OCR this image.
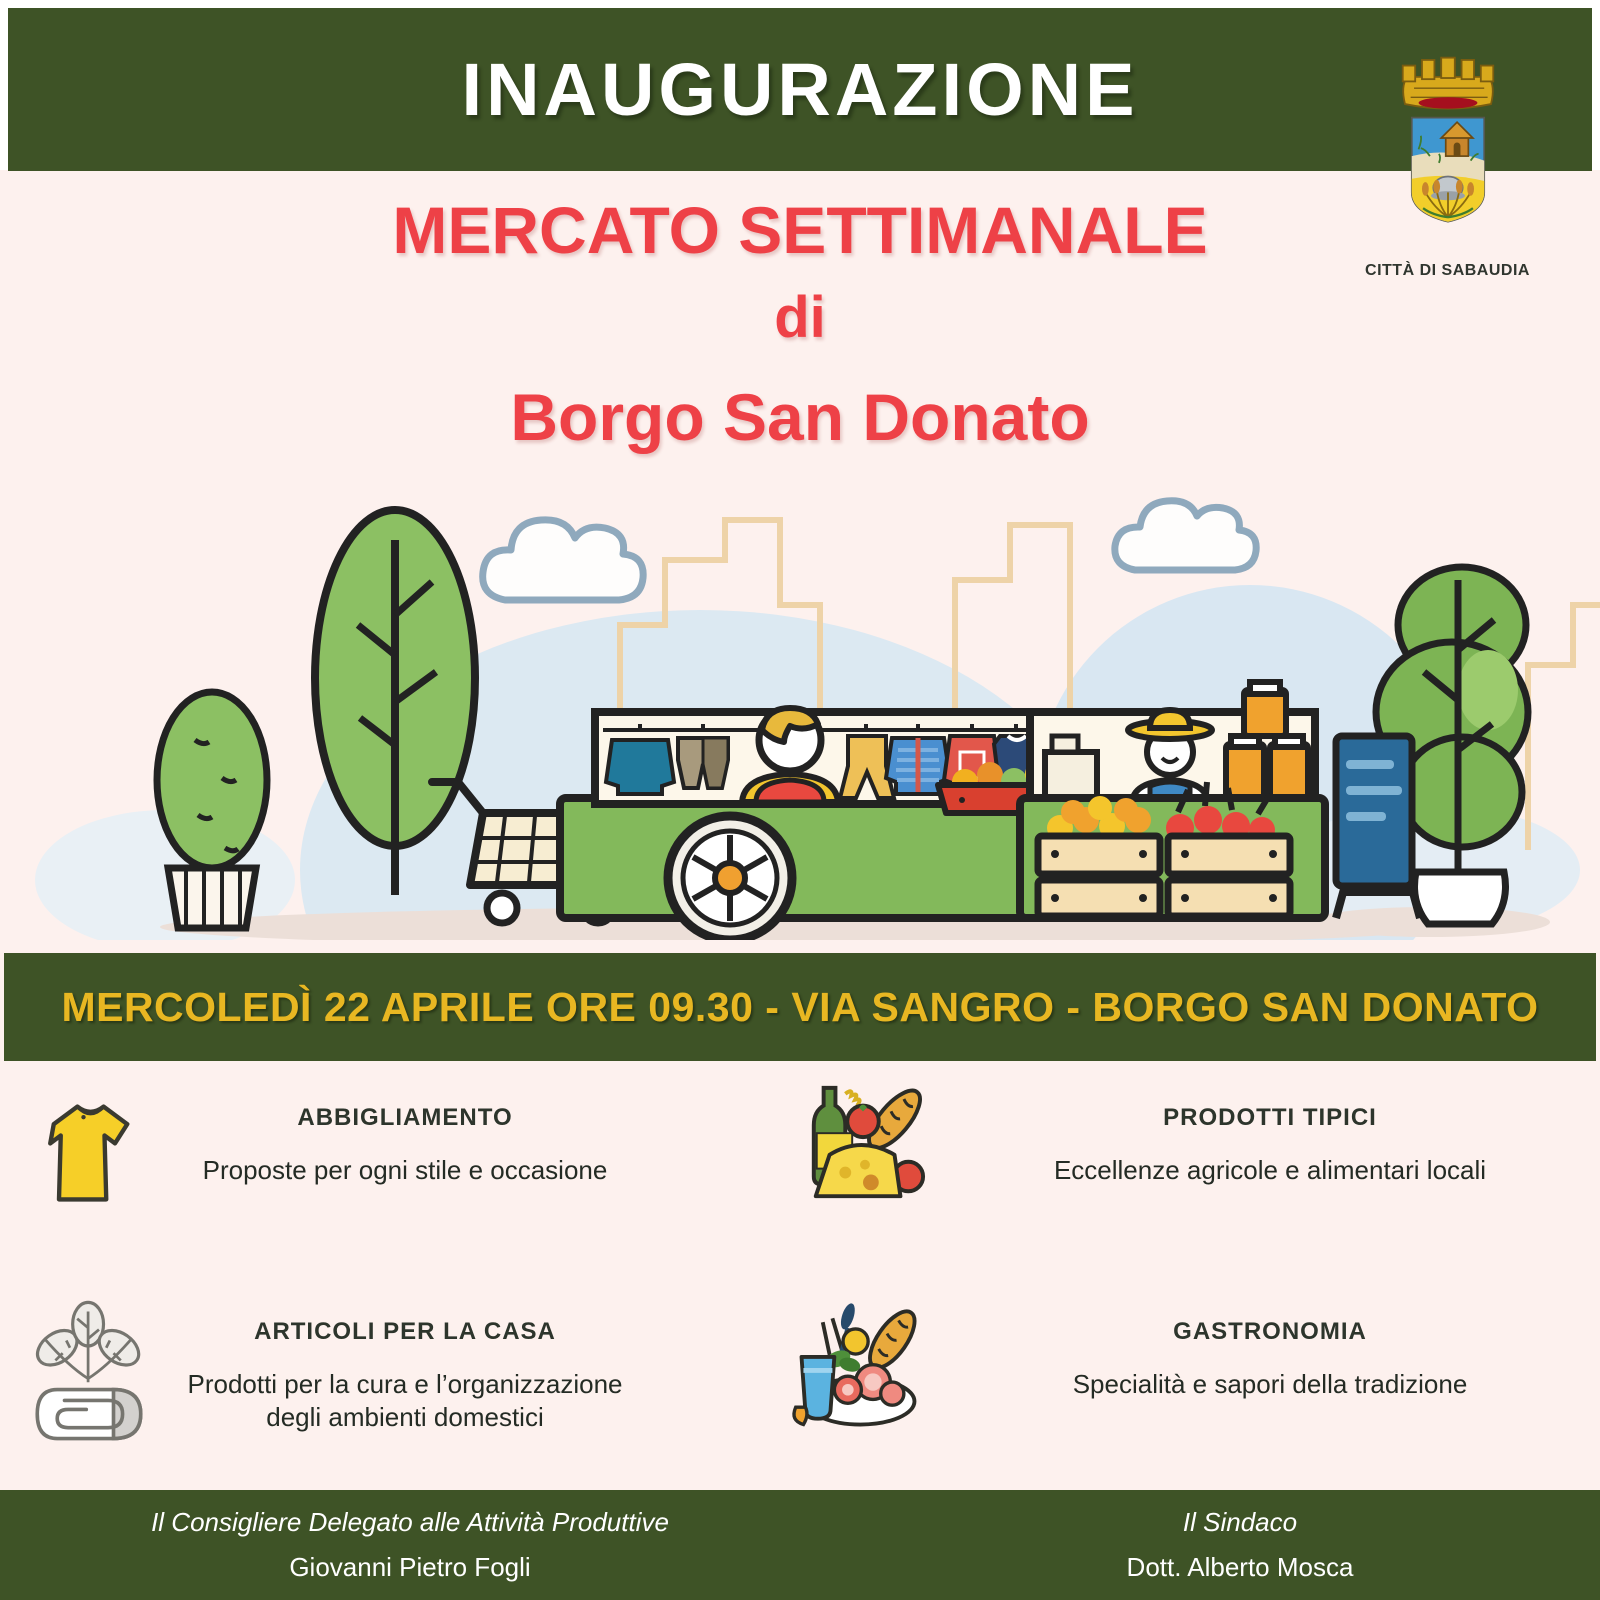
INAUGURAZIONE
CITTÀ DI SABAUDIA
MERCATO SETTIMANALE
di
Borgo San Donato
MERCOLEDÌ 22 APRILE ORE 09.30 - VIA SANGRO - BORGO SAN DONATO
ABBIGLIAMENTO
Proposte per ogni stile e occasione
PRODOTTI TIPICI
Eccellenze agricole e alimentari locali
ARTICOLI PER LA CASA
Prodotti per la cura e l’organizzazione degli ambienti domestici
GASTRONOMIA
Specialità e sapori della tradizione
Il Consigliere Delegato alle Attività Produttive
Giovanni Pietro Fogli
Il Sindaco
Dott. Alberto Mosca
